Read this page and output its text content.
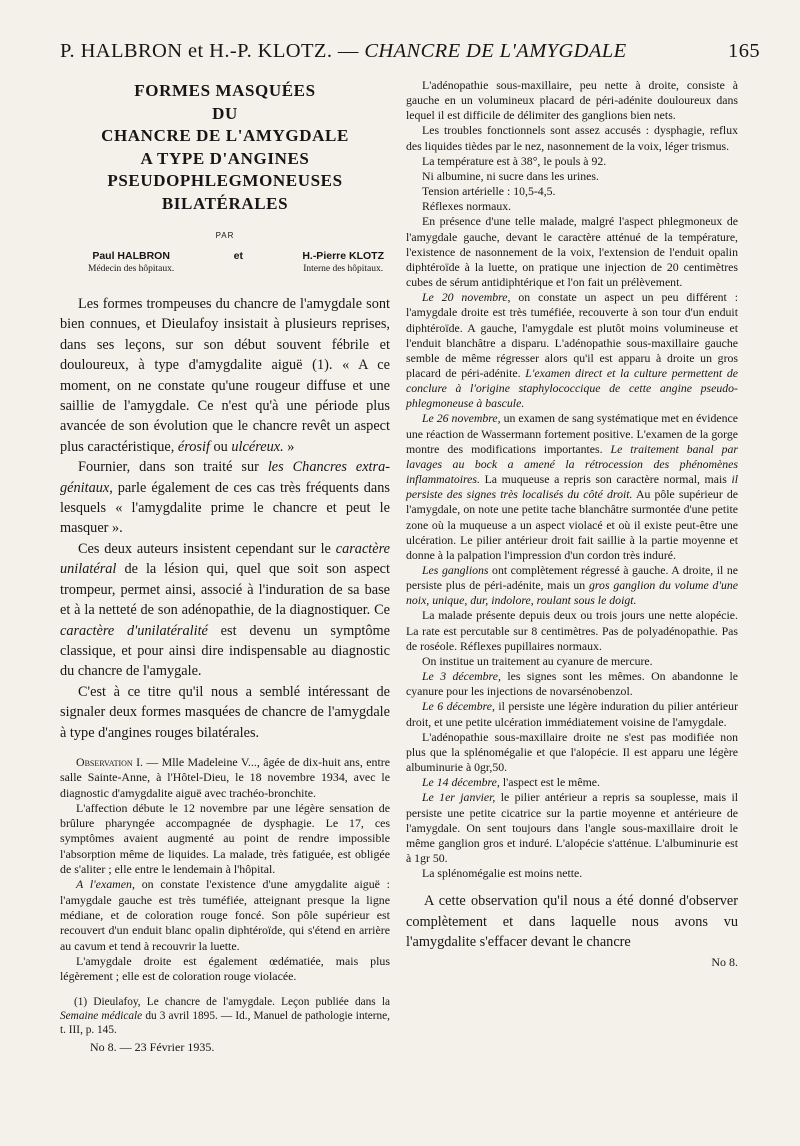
P. HALBRON et H.-P. KLOTZ. — CHANCRE DE L'AMYGDALE	165
FORMES MASQUÉES
DU
CHANCRE DE L'AMYGDALE
A TYPE D'ANGINES
PSEUDOPHLEGMONEUSES
BILATÉRALES
PAR
Paul HALBRON
Médecin des hôpitaux.
et	H.-Pierre KLOTZ
Interne des hôpitaux.

Les formes trompeuses du chancre de l'amygdale sont bien connues, et Dieulafoy insistait à plusieurs reprises, dans ses leçons, sur son début souvent fébrile et douloureux, à type d'amygdalite aiguë (1). « A ce moment, on ne constate qu'une rougeur diffuse et une saillie de l'amygdale. Ce n'est qu'à une période plus avancée de son évolution que le chancre revêt un aspect plus caractéristique, érosif ou ulcéreux. »

Fournier, dans son traité sur les Chancres extra-génitaux, parle également de ces cas très fréquents dans lesquels « l'amygdalite prime le chancre et peut le masquer ».

Ces deux auteurs insistent cependant sur le caractère unilatéral de la lésion qui, quel que soit son aspect trompeur, permet ainsi, associé à l'induration de sa base et à la netteté de son adénopathie, de la diagnostiquer. Ce caractère d'unilatéralité est devenu un symptôme classique, et pour ainsi dire indispensable au diagnostic du chancre de l'amygale.

C'est à ce titre qu'il nous a semblé intéressant de signaler deux formes masquées de chancre de l'amygdale à type d'angines rouges bilatérales.

Observation I. — Mlle Madeleine V..., âgée de dix-huit ans, entre salle Sainte-Anne, à l'Hôtel-Dieu, le 18 novembre 1934, avec le diagnostic d'amygdalite aiguë avec trachéo-bronchite.

L'affection débute le 12 novembre par une légère sensation de brûlure pharyngée accompagnée de dysphagie. Le 17, ces symptômes avaient augmenté au point de rendre impossible l'absorption même de liquides. La malade, très fatiguée, est obligée de s'aliter ; elle entre le lendemain à l'hôpital.

A l'examen, on constate l'existence d'une amygdalite aiguë : l'amygdale gauche est très tuméfiée, atteignant presque la ligne médiane, et de coloration rouge foncé. Son pôle supérieur est recouvert d'un enduit blanc opalin diphtéroïde, qui s'étend en arrière au cavum et tend à recouvrir la luette.

L'amygdale droite est également œdématiée, mais plus légèrement ; elle est de coloration rouge violacée.

(1) Dieulafoy, Le chancre de l'amygdale. Leçon publiée dans la Semaine médicale du 3 avril 1895. — Id., Manuel de pathologie interne, t. III, p. 145.

No 8. — 23 Février 1935.

L'adénopathie sous-maxillaire, peu nette à droite, consiste à gauche en un volumineux placard de péri-adénite douloureux dans lequel il est difficile de délimiter des ganglions bien nets.

Les troubles fonctionnels sont assez accusés : dysphagie, reflux des liquides tièdes par le nez, nasonnement de la voix, léger trismus.

La température est à 38°, le pouls à 92.

Ni albumine, ni sucre dans les urines.

Tension artérielle : 10,5-4,5.

Réflexes normaux.

En présence d'une telle malade, malgré l'aspect phlegmoneux de l'amygdale gauche, devant le caractère atténué de la température, l'existence de nasonnement de la voix, l'extension de l'enduit opalin diphtéroïde à la luette, on pratique une injection de 20 centimètres cubes de sérum antidiphtérique et l'on fait un prélèvement.

Le 20 novembre, on constate un aspect un peu différent : l'amygdale droite est très tuméfiée, recouverte à son tour d'un enduit diphtéroïde. A gauche, l'amygdale est plutôt moins volumineuse et l'enduit blanchâtre a disparu. L'adénopathie sous-maxillaire gauche semble de même régresser alors qu'il est apparu à droite un gros placard de péri-adénite. L'examen direct et la culture permettent de conclure à l'origine staphylococcique de cette angine pseudo-phlegmoneuse à bascule.

Le 26 novembre, un examen de sang systématique met en évidence une réaction de Wassermann fortement positive. L'examen de la gorge montre des modifications importantes. Le traitement banal par lavages au bock a amené la rétrocession des phénomènes inflammatoires. La muqueuse a repris son caractère normal, mais il persiste des signes très localisés du côté droit. Au pôle supérieur de l'amygdale, on note une petite tache blanchâtre surmontée d'une petite zone où la muqueuse a un aspect violacé et où il existe peut-être une ulcération. Le pilier antérieur droit fait saillie à la partie moyenne et donne à la palpation l'impression d'un cordon très induré.

Les ganglions ont complètement régressé à gauche. A droite, il ne persiste plus de péri-adénite, mais un gros ganglion du volume d'une noix, unique, dur, indolore, roulant sous le doigt.

La malade présente depuis deux ou trois jours une nette alopécie. La rate est percutable sur 8 centimètres. Pas de polyadénopathie. Pas de roséole. Réflexes pupillaires normaux.

On institue un traitement au cyanure de mercure.

Le 3 décembre, les signes sont les mêmes. On abandonne le cyanure pour les injections de novarsénobenzol.

Le 6 décembre, il persiste une légère induration du pilier antérieur droit, et une petite ulcération immédiatement voisine de l'amygdale.

L'adénopathie sous-maxillaire droite ne s'est pas modifiée non plus que la splénomégalie et que l'alopécie. Il est apparu une légère albuminurie à 0gr,50.

Le 14 décembre, l'aspect est le même.

Le 1er janvier, le pilier antérieur a repris sa souplesse, mais il persiste une petite cicatrice sur la partie moyenne et antérieure de l'amygdale. On sent toujours dans l'angle sous-maxillaire droit le même ganglion gros et induré. L'alopécie s'atténue. L'albuminurie est à 1gr 50.

La splénomégalie est moins nette.

A cette observation qu'il nous a été donné d'observer complètement et dans laquelle nous avons vu l'amygdalite s'effacer devant le chancre

No 8.
